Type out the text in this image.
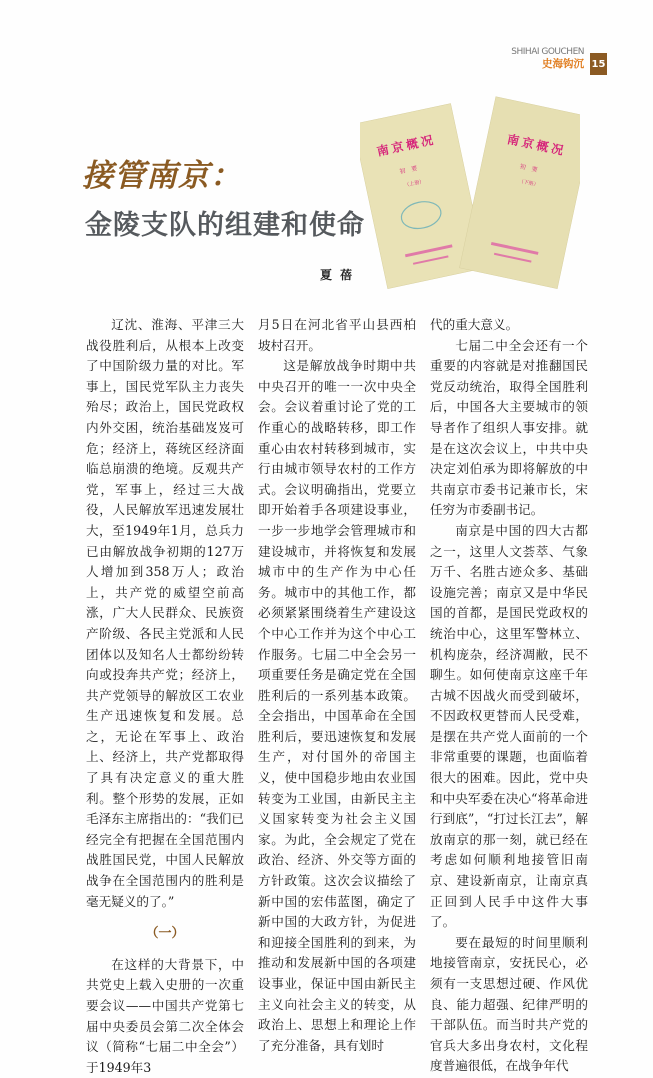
SHIHAI GOUCHEN
史海钩沉 15
接管南京：
金陵支队的组建和使命
夏蓓
南京概况
初要
（上册）
南京概况
初要
（下册）

辽沈、淮海、平津三大战役胜利后，从根本上改变了中国阶级力量的对比。军事上，国民党军队主力丧失殆尽；政治上，国民党政权内外交困，统治基础岌岌可危；经济上，蒋统区经济面临总崩溃的绝境。反观共产党，军事上，经过三大战役，人民解放军迅速发展壮大，至1949年1月，总兵力已由解放战争初期的127万人增加到358万人；政治上，共产党的威望空前高涨，广大人民群众、民族资产阶级、各民主党派和人民团体以及知名人士都纷纷转向或投奔共产党；经济上，共产党领导的解放区工农业生产迅速恢复和发展。总之，无论在军事上、政治上、经济上，共产党都取得了具有决定意义的重大胜利。整个形势的发展，正如毛泽东主席指出的：“我们已经完全有把握在全国范围内战胜国民党，中国人民解放战争在全国范围内的胜利是毫无疑义的了。”

（一）

在这样的大背景下，中共党史上载入史册的一次重要会议——中国共产党第七届中央委员会第二次全体会议（简称“七届二中全会”）于1949年3

月5日在河北省平山县西柏坡村召开。

这是解放战争时期中共中央召开的唯一一次中央全会。会议着重讨论了党的工作重心的战略转移，即工作重心由农村转移到城市，实行由城市领导农村的工作方式。会议明确指出，党要立即开始着手各项建设事业，一步一步地学会管理城市和建设城市，并将恢复和发展城市中的生产作为中心任务。城市中的其他工作，都必须紧紧围绕着生产建设这个中心工作并为这个中心工作服务。七届二中全会另一项重要任务是确定党在全国胜利后的一系列基本政策。全会指出，中国革命在全国胜利后，要迅速恢复和发展生产，对付国外的帝国主义，使中国稳步地由农业国转变为工业国，由新民主主义国家转变为社会主义国家。为此，全会规定了党在政治、经济、外交等方面的方针政策。这次会议描绘了新中国的宏伟蓝图，确定了新中国的大政方针，为促进和迎接全国胜利的到来，为推动和发展新中国的各项建设事业，保证中国由新民主主义向社会主义的转变，从政治上、思想上和理论上作了充分准备，具有划时

代的重大意义。

七届二中全会还有一个重要的内容就是对推翻国民党反动统治，取得全国胜利后，中国各大主要城市的领导者作了组织人事安排。就是在这次会议上，中共中央决定刘伯承为即将解放的中共南京市委书记兼市长，宋任穷为市委副书记。

南京是中国的四大古都之一，这里人文荟萃、气象万千、名胜古迹众多、基础设施完善；南京又是中华民国的首都，是国民党政权的统治中心，这里军警林立、机构庞杂，经济凋敝，民不聊生。如何使南京这座千年古城不因战火而受到破坏，不因政权更替而人民受难，是摆在共产党人面前的一个非常重要的课题，也面临着很大的困难。因此，党中央和中央军委在决心“将革命进行到底”，“打过长江去”，解放南京的那一刻，就已经在考虑如何顺利地接管旧南京、建设新南京，让南京真正回到人民手中这件大事了。

要在最短的时间里顺利地接管南京，安抚民心，必须有一支思想过硬、作风优良、能力超强、纪律严明的干部队伍。而当时共产党的官兵大多出身农村，文化程度普遍很低，在战争年代
